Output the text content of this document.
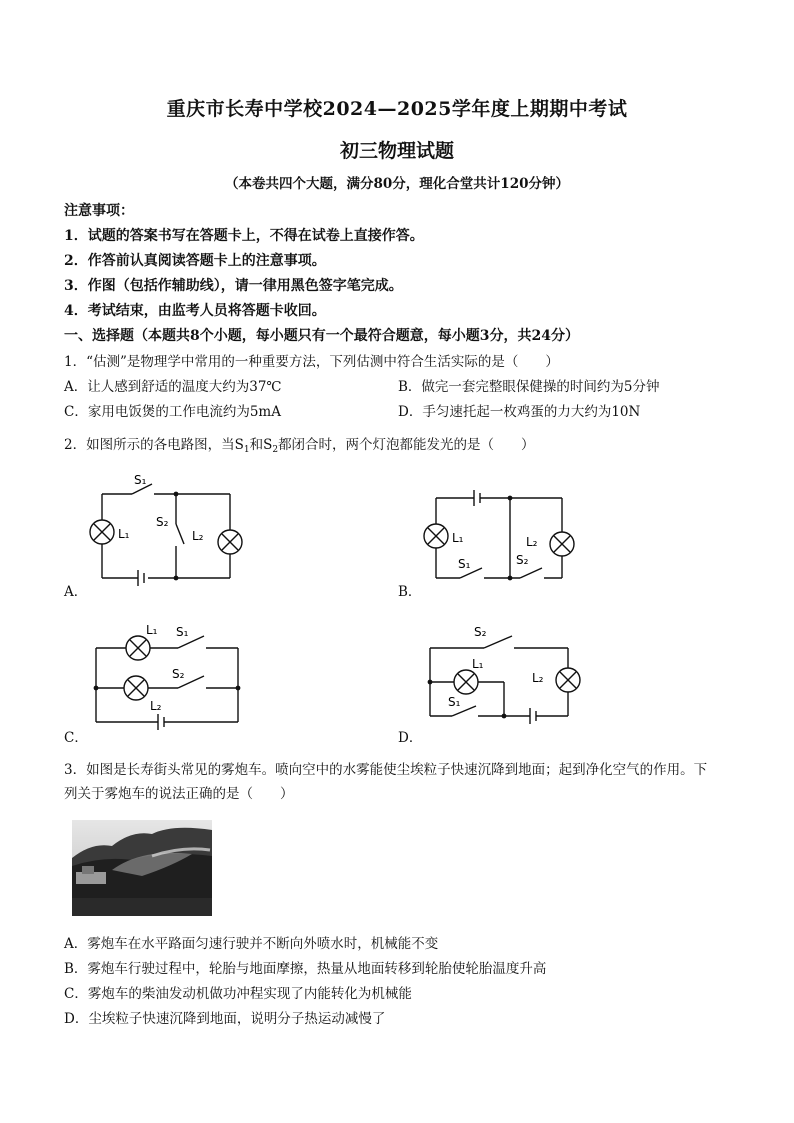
重庆市长寿中学校2024—2025学年度上期期中考试
初三物理试题
（本卷共四个大题，满分80分，理化合堂共计120分钟）
注意事项：
1．试题的答案书写在答题卡上，不得在试卷上直接作答。
2．作答前认真阅读答题卡上的注意事项。
3．作图（包括作辅助线），请一律用黑色签字笔完成。
4．考试结束，由监考人员将答题卡收回。
一、选择题（本题共8个小题，每小题只有一个最符合题意，每小题3分，共24分）
1．“估测”是物理学中常用的一种重要方法，下列估测中符合生活实际的是（　　）
A．让人感到舒适的温度大约为37℃	B．做完一套完整眼保健操的时间约为5分钟
C．家用电饭煲的工作电流约为5mA	D．手匀速托起一枚鸡蛋的力大约为10N
2．如图所示的各电路图，当$S_1$和$S_2$都闭合时，两个灯泡都能发光的是（　　）
S₁
S₂
L₁	L₂
A．
L₁	L₂
S₁	S₂
B．
L₁ S₁
S₂
L₂
C．
S₂
L₁
L₂
S₁
D．
3．如图是长寿街头常见的雾炮车。喷向空中的水雾能使尘埃粒子快速沉降到地面；起到净化空气的作用。下
列关于雾炮车的说法正确的是（　　）
A．雾炮车在水平路面匀速行驶并不断向外喷水时，机械能不变
B．雾炮车行驶过程中，轮胎与地面摩擦，热量从地面转移到轮胎使轮胎温度升高
C．雾炮车的柴油发动机做功冲程实现了内能转化为机械能
D．尘埃粒子快速沉降到地面，说明分子热运动减慢了
